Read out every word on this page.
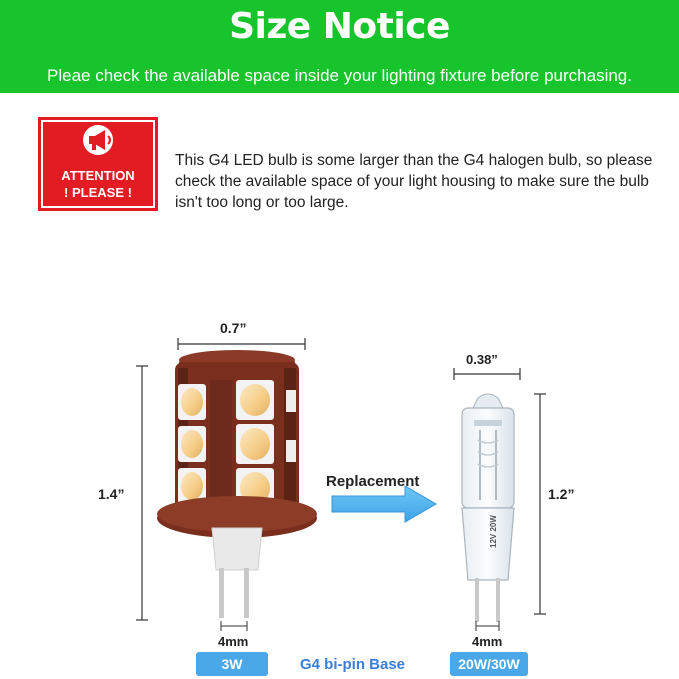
Size Notice
Pleae check the available space inside your lighting fixture before purchasing.
ATTENTION
! PLEASE !
This G4 LED bulb is some larger than the G4 halogen bulb, so please check the available space of your light housing to make sure the bulb isn't too long or too large.
12V 20W
0.7”
1.4”
4mm
0.38”
1.2”
4mm
Replacement
3W	G4 bi-pin Base	20W/30W
